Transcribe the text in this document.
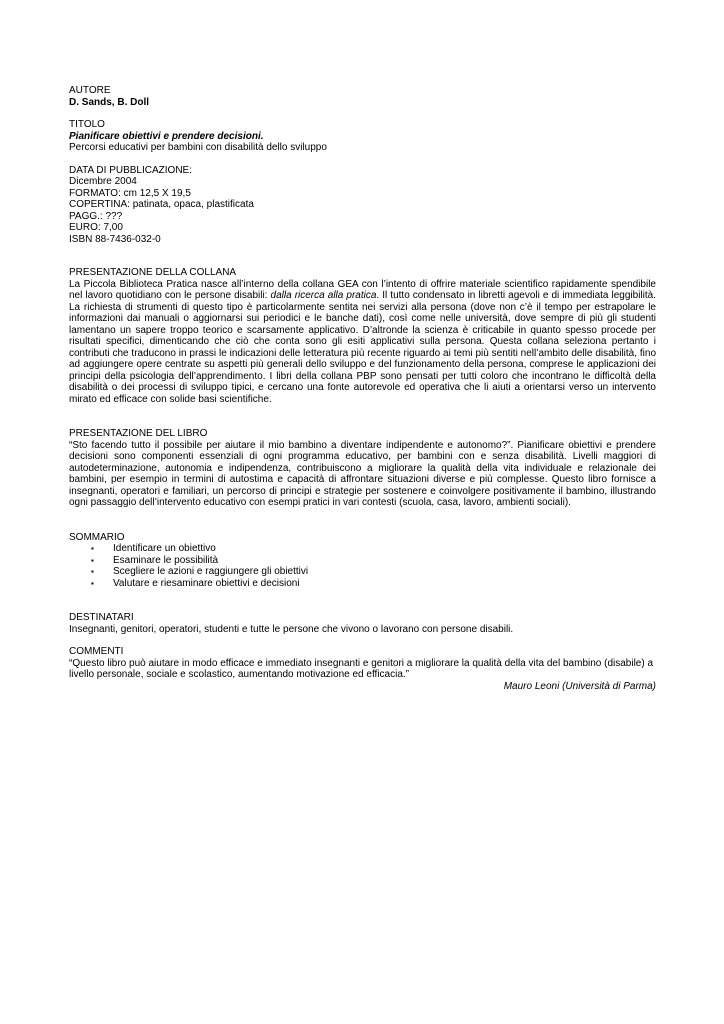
AUTORE

D. Sands, B. Doll

TITOLO

Pianificare obiettivi e prendere decisioni.

Percorsi educativi per bambini con disabilità dello sviluppo

DATA DI PUBBLICAZIONE:

Dicembre 2004

FORMATO: cm 12,5 X 19,5

COPERTINA: patinata, opaca, plastificata

PAGG.: ???

EURO: 7,00

ISBN 88-7436-032-0

PRESENTAZIONE DELLA COLLANA

La Piccola Biblioteca Pratica nasce all’interno della collana GEA con l’intento di offrire materiale scientifico rapidamente spendibile nel lavoro quotidiano con le persone disabili: dalla ricerca alla pratica. Il tutto condensato in libretti agevoli e di immediata leggibilità. La richiesta di strumenti di questo tipo è particolarmente sentita nei servizi alla persona (dove non c’è il tempo per estrapolare le informazioni dai manuali o aggiornarsi sui periodici e le banche dati), così come nelle università, dove sempre di più gli studenti lamentano un sapere troppo teorico e scarsamente applicativo. D’altronde la scienza è criticabile in quanto spesso procede per risultati specifici, dimenticando che ciò che conta sono gli esiti applicativi sulla persona. Questa collana seleziona pertanto i contributi che traducono in prassi le indicazioni delle letteratura più recente riguardo ai temi più sentiti nell’ambito delle disabilità, fino ad aggiungere opere centrate su aspetti più generali dello sviluppo e del funzionamento della persona, comprese le applicazioni dei principi della psicologia dell’apprendimento. I libri della collana PBP sono pensati per tutti coloro che incontrano le difficoltà della disabilità o dei processi di sviluppo tipici, e cercano una fonte autorevole ed operativa che li aiuti a orientarsi verso un intervento mirato ed efficace con solide basi scientifiche.

PRESENTAZIONE DEL LIBRO

“Sto facendo tutto il possibile per aiutare il mio bambino a diventare indipendente e autonomo?”. Pianificare obiettivi e prendere decisioni sono componenti essenziali di ogni programma educativo, per bambini con e senza disabilità. Livelli maggiori di autodeterminazione, autonomia e indipendenza, contribuiscono a migliorare la qualità della vita individuale e relazionale dei bambini, per esempio in termini di autostima e capacità di affrontare situazioni diverse e più complesse. Questo libro fornisce a insegnanti, operatori e familiari, un percorso di principi e strategie per sostenere e coinvolgere positivamente il bambino, illustrando ogni passaggio dell’intervento educativo con esempi pratici in vari contesti (scuola, casa, lavoro, ambienti sociali).

SOMMARIO

▪ Identificare un obiettivo
▪ Esaminare le possibilità
▪ Scegliere le azioni e raggiungere gli obiettivi
▪ Valutare e riesaminare obiettivi e decisioni

DESTINATARI

Insegnanti, genitori, operatori, studenti e tutte le persone che vivono o lavorano con persone disabili.

COMMENTI

“Questo libro può aiutare in modo efficace e immediato insegnanti e genitori a migliorare la qualità della vita del bambino (disabile) a livello personale, sociale e scolastico, aumentando motivazione ed efficacia.”

Mauro Leoni (Università di Parma)
